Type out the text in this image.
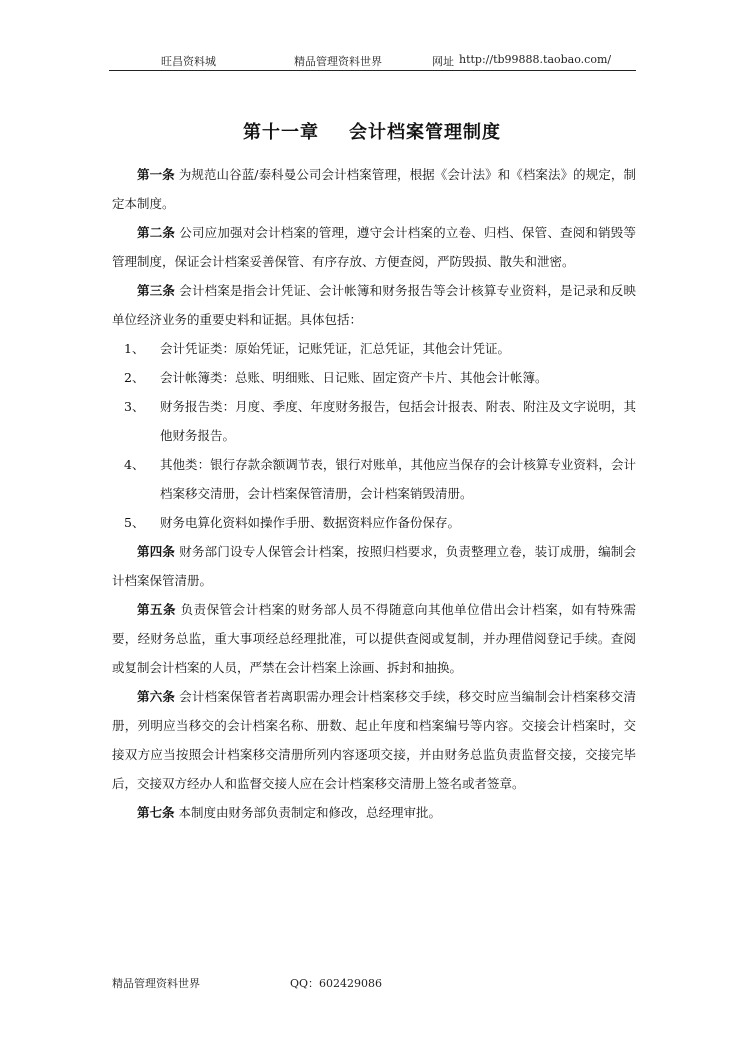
旺昌资料城	精品管理资料世界	网址 http://tb99888.taobao.com/
第十一章 会计档案管理制度

第一条 为规范山谷蓝/泰科曼公司会计档案管理，根据《会计法》和《档案法》的规定，制定本制度。

第二条 公司应加强对会计档案的管理，遵守会计档案的立卷、归档、保管、查阅和销毁等管理制度，保证会计档案妥善保管、有序存放、方便查阅，严防毁损、散失和泄密。

第三条 会计档案是指会计凭证、会计帐簿和财务报告等会计核算专业资料，是记录和反映单位经济业务的重要史料和证据。具体包括：

1、	会计凭证类：原始凭证，记账凭证，汇总凭证，其他会计凭证。

2、	会计帐簿类：总账、明细账、日记账、固定资产卡片、其他会计帐簿。

3、	财务报告类：月度、季度、年度财务报告，包括会计报表、附表、附注及文字说明，其他财务报告。

4、	其他类：银行存款余额调节表，银行对账单，其他应当保存的会计核算专业资料，会计档案移交清册，会计档案保管清册，会计档案销毁清册。

5、	财务电算化资料如操作手册、数据资料应作备份保存。

第四条 财务部门设专人保管会计档案，按照归档要求，负责整理立卷，装订成册，编制会计档案保管清册。

第五条 负责保管会计档案的财务部人员不得随意向其他单位借出会计档案，如有特殊需要，经财务总监，重大事项经总经理批准，可以提供查阅或复制，并办理借阅登记手续。查阅或复制会计档案的人员，严禁在会计档案上涂画、拆封和抽换。

第六条 会计档案保管者若离职需办理会计档案移交手续，移交时应当编制会计档案移交清册，列明应当移交的会计档案名称、册数、起止年度和档案编号等内容。交接会计档案时，交接双方应当按照会计档案移交清册所列内容逐项交接，并由财务总监负责监督交接，交接完毕后，交接双方经办人和监督交接人应在会计档案移交清册上签名或者签章。

第七条 本制度由财务部负责制定和修改，总经理审批。

精品管理资料世界	QQ：602429086
